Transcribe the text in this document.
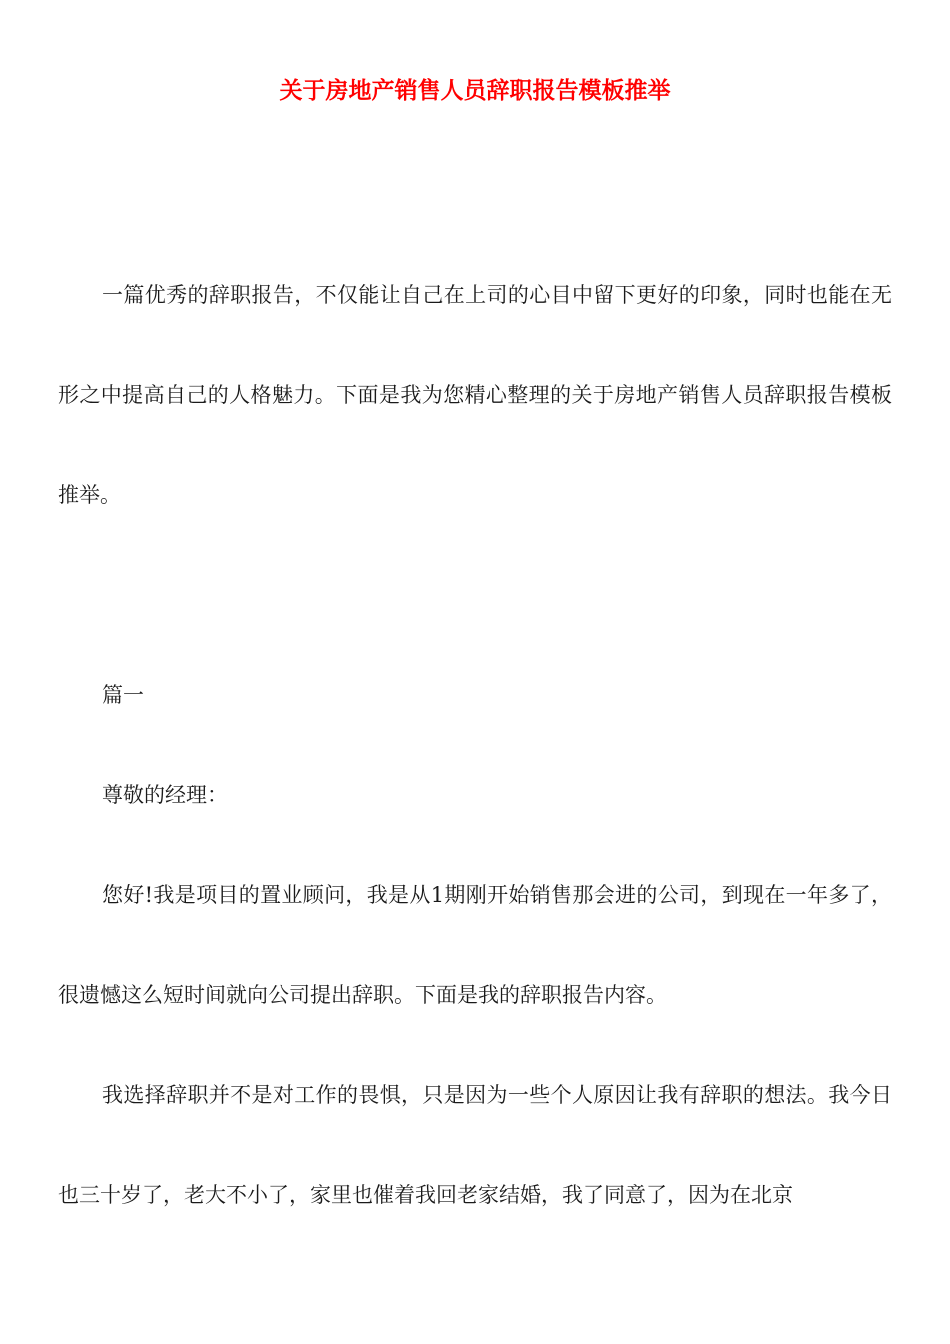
关于房地产销售人员辞职报告模板推举

一篇优秀的辞职报告，不仅能让自己在上司的心目中留下更好的印象，同时也能在无形之中提高自己的人格魅力。下面是我为您精心整理的关于房地产销售人员辞职报告模板推举。

篇一

尊敬的经理：

您好!我是项目的置业顾问，我是从1期刚开始销售那会进的公司，到现在一年多了，很遗憾这么短时间就向公司提出辞职。下面是我的辞职报告内容。

我选择辞职并不是对工作的畏惧，只是因为一些个人原因让我有辞职的想法。我今日也三十岁了，老大不小了，家里也催着我回老家结婚，我了同意了，因为在北京
